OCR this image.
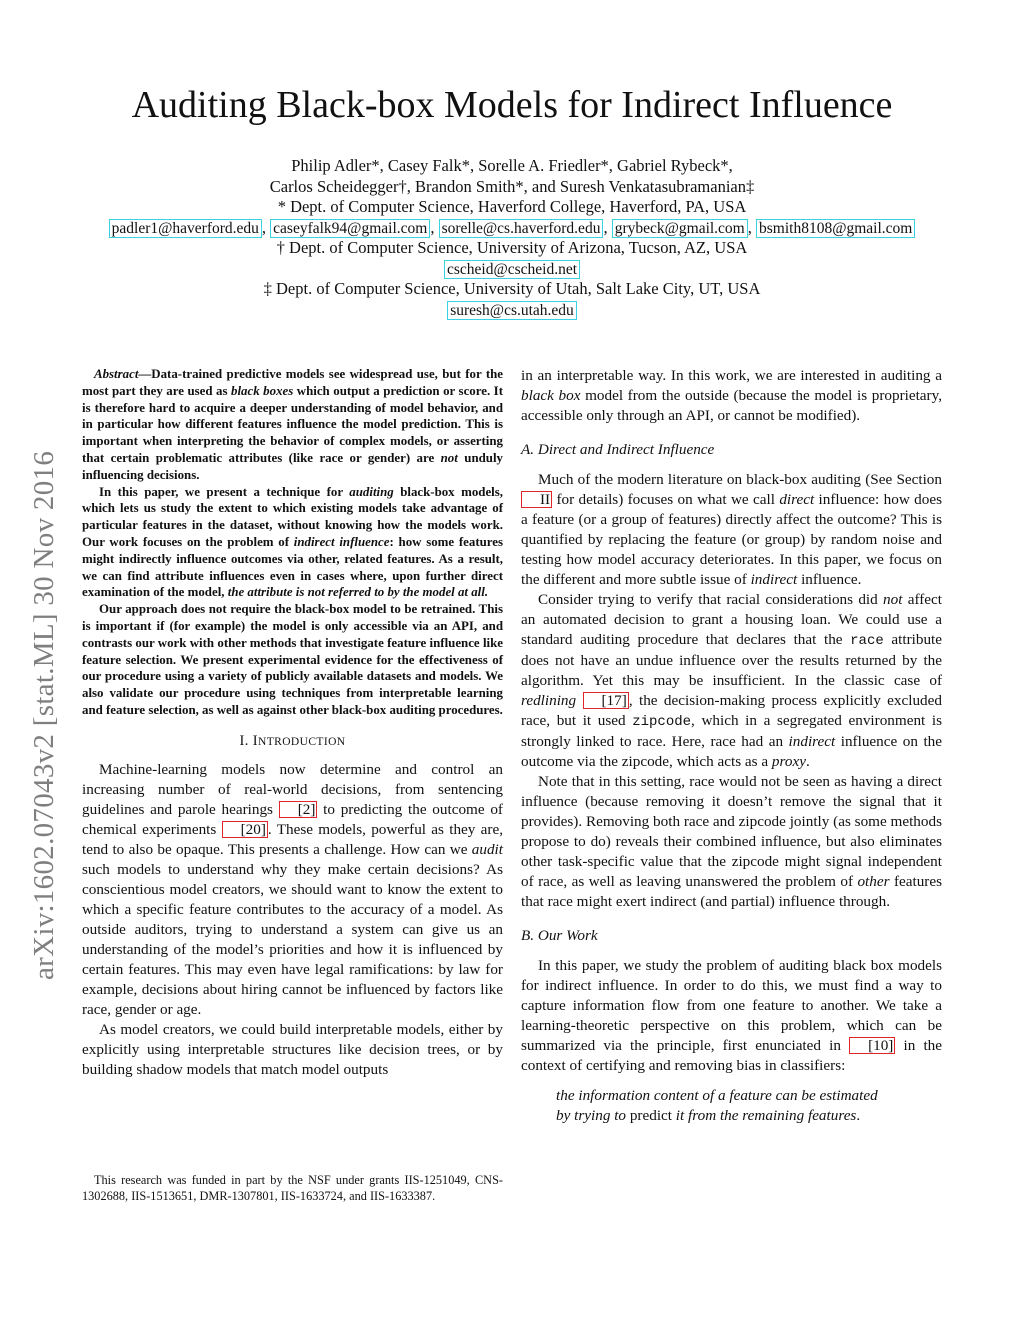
Auditing Black-box Models for Indirect Influence
Philip Adler*, Casey Falk*, Sorelle A. Friedler*, Gabriel Rybeck*,
Carlos Scheidegger†, Brandon Smith*, and Suresh Venkatasubramanian‡
* Dept. of Computer Science, Haverford College, Haverford, PA, USA
padler1@haverford.edu , caseyfalk94@gmail.com , sorelle@cs.haverford.edu , grybeck@gmail.com , bsmith8108@gmail.com
† Dept. of Computer Science, University of Arizona, Tucson, AZ, USA
cscheid@cscheid.net
‡ Dept. of Computer Science, University of Utah, Salt Lake City, UT, USA
suresh@cs.utah.edu
arXiv:1602.07043v2 [stat.ML] 30 Nov 2016

Abstract—Data-trained predictive models see widespread use, but for the most part they are used as black boxes which output a prediction or score. It is therefore hard to acquire a deeper understanding of model behavior, and in particular how different features influence the model prediction. This is important when interpreting the behavior of complex models, or asserting that certain problematic attributes (like race or gender) are not unduly influencing decisions.

In this paper, we present a technique for auditing black-box models, which lets us study the extent to which existing models take advantage of particular features in the dataset, without knowing how the models work. Our work focuses on the problem of indirect influence: how some features might indirectly influence outcomes via other, related features. As a result, we can find attribute influences even in cases where, upon further direct examination of the model, the attribute is not referred to by the model at all.

Our approach does not require the black-box model to be retrained. This is important if (for example) the model is only accessible via an API, and contrasts our work with other methods that investigate feature influence like feature selection. We present experimental evidence for the effectiveness of our procedure using a variety of publicly available datasets and models. We also validate our procedure using techniques from interpretable learning and feature selection, as well as against other black-box auditing procedures.

I. INTRODUCTION

Machine-learning models now determine and control an increasing number of real-world decisions, from sentencing guidelines and parole hearings [2] to predicting the outcome of chemical experiments [20] . These models, powerful as they are, tend to also be opaque. This presents a challenge. How can we audit such models to understand why they make certain decisions? As conscientious model creators, we should want to know the extent to which a specific feature contributes to the accuracy of a model. As outside auditors, trying to understand a system can give us an understanding of the model’s priorities and how it is influenced by certain features. This may even have legal ramifications: by law for example, decisions about hiring cannot be influenced by factors like race, gender or age.

As model creators, we could build interpretable models, either by explicitly using interpretable structures like decision trees, or by building shadow models that match model outputs

This research was funded in part by the NSF under grants IIS-1251049, CNS-1302688, IIS-1513651, DMR-1307801, IIS-1633724, and IIS-1633387.

in an interpretable way. In this work, we are interested in auditing a black box model from the outside (because the model is proprietary, accessible only through an API, or cannot be modified).

A. Direct and Indirect Influence

Much of the modern literature on black-box auditing (See Section II for details) focuses on what we call direct influence: how does a feature (or a group of features) directly affect the outcome? This is quantified by replacing the feature (or group) by random noise and testing how model accuracy deteriorates. In this paper, we focus on the different and more subtle issue of indirect influence.

Consider trying to verify that racial considerations did not affect an automated decision to grant a housing loan. We could use a standard auditing procedure that declares that the race attribute does not have an undue influence over the results returned by the algorithm. Yet this may be insufficient. In the classic case of redlining [17] , the decision-making process explicitly excluded race, but it used zipcode, which in a segregated environment is strongly linked to race. Here, race had an indirect influence on the outcome via the zipcode, which acts as a proxy.

Note that in this setting, race would not be seen as having a direct influence (because removing it doesn’t remove the signal that it provides). Removing both race and zipcode jointly (as some methods propose to do) reveals their combined influence, but also eliminates other task-specific value that the zipcode might signal independent of race, as well as leaving unanswered the problem of other features that race might exert indirect (and partial) influence through.

B. Our Work

In this paper, we study the problem of auditing black box models for indirect influence. In order to do this, we must find a way to capture information flow from one feature to another. We take a learning-theoretic perspective on this problem, which can be summarized via the principle, first enunciated in [10] in the context of certifying and removing bias in classifiers:

the information content of a feature can be estimated
by trying to predict it from the remaining features.
